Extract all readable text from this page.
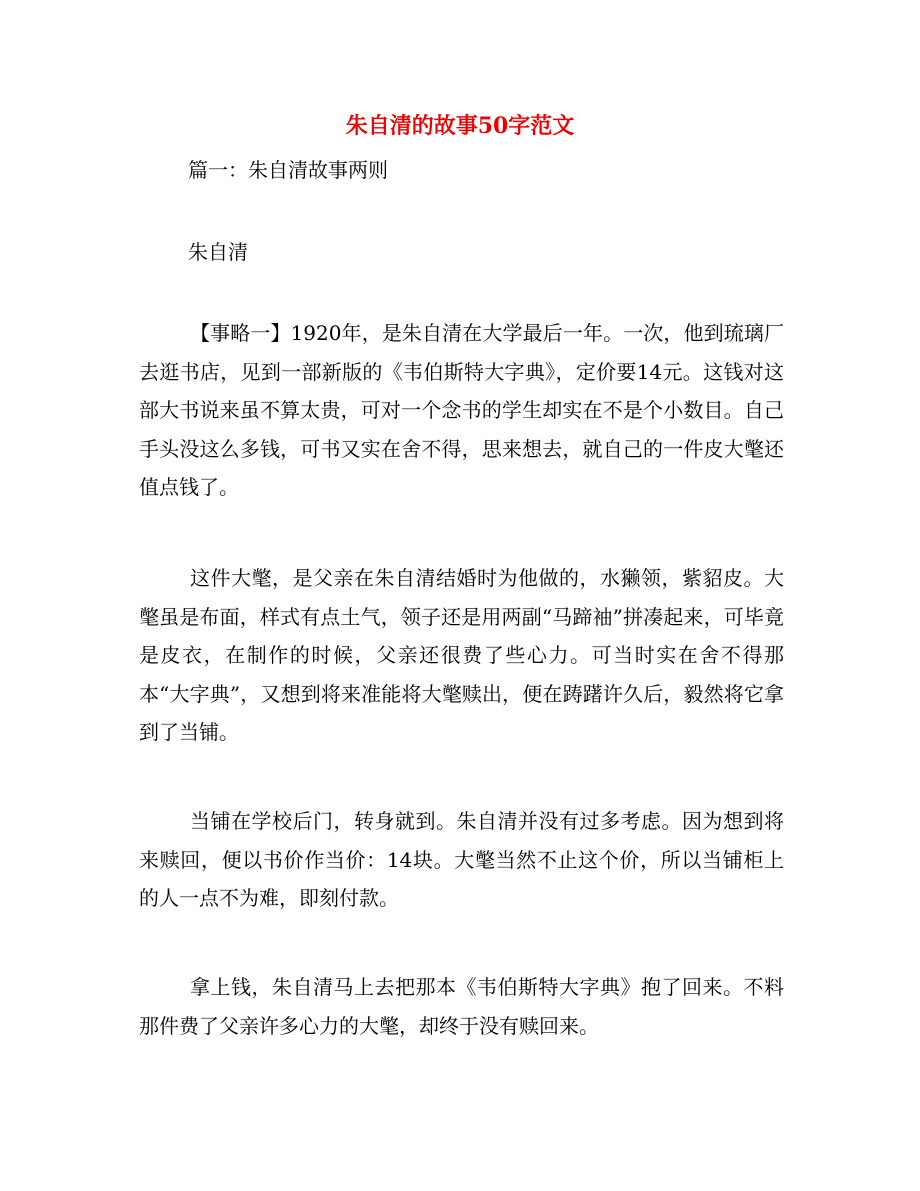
朱自清的故事50字范文

篇一：朱自清故事两则

朱自清

【事略一】1920年，是朱自清在大学最后一年。一次，他到琉璃厂去逛书店，见到一部新版的《韦伯斯特大字典》，定价要14元。这钱对这部大书说来虽不算太贵，可对一个念书的学生却实在不是个小数目。自己手头没这么多钱，可书又实在舍不得，思来想去，就自己的一件皮大氅还值点钱了。

这件大氅，是父亲在朱自清结婚时为他做的，水獭领，紫貂皮。大氅虽是布面，样式有点土气，领子还是用两副“马蹄袖”拼凑起来，可毕竟是皮衣，在制作的时候，父亲还很费了些心力。可当时实在舍不得那本“大字典”，又想到将来准能将大氅赎出，便在踌躇许久后，毅然将它拿到了当铺。

当铺在学校后门，转身就到。朱自清并没有过多考虑。因为想到将来赎回，便以书价作当价：14块。大氅当然不止这个价，所以当铺柜上的人一点不为难，即刻付款。

拿上钱，朱自清马上去把那本《韦伯斯特大字典》抱了回来。不料那件费了父亲许多心力的大氅，却终于没有赎回来。
